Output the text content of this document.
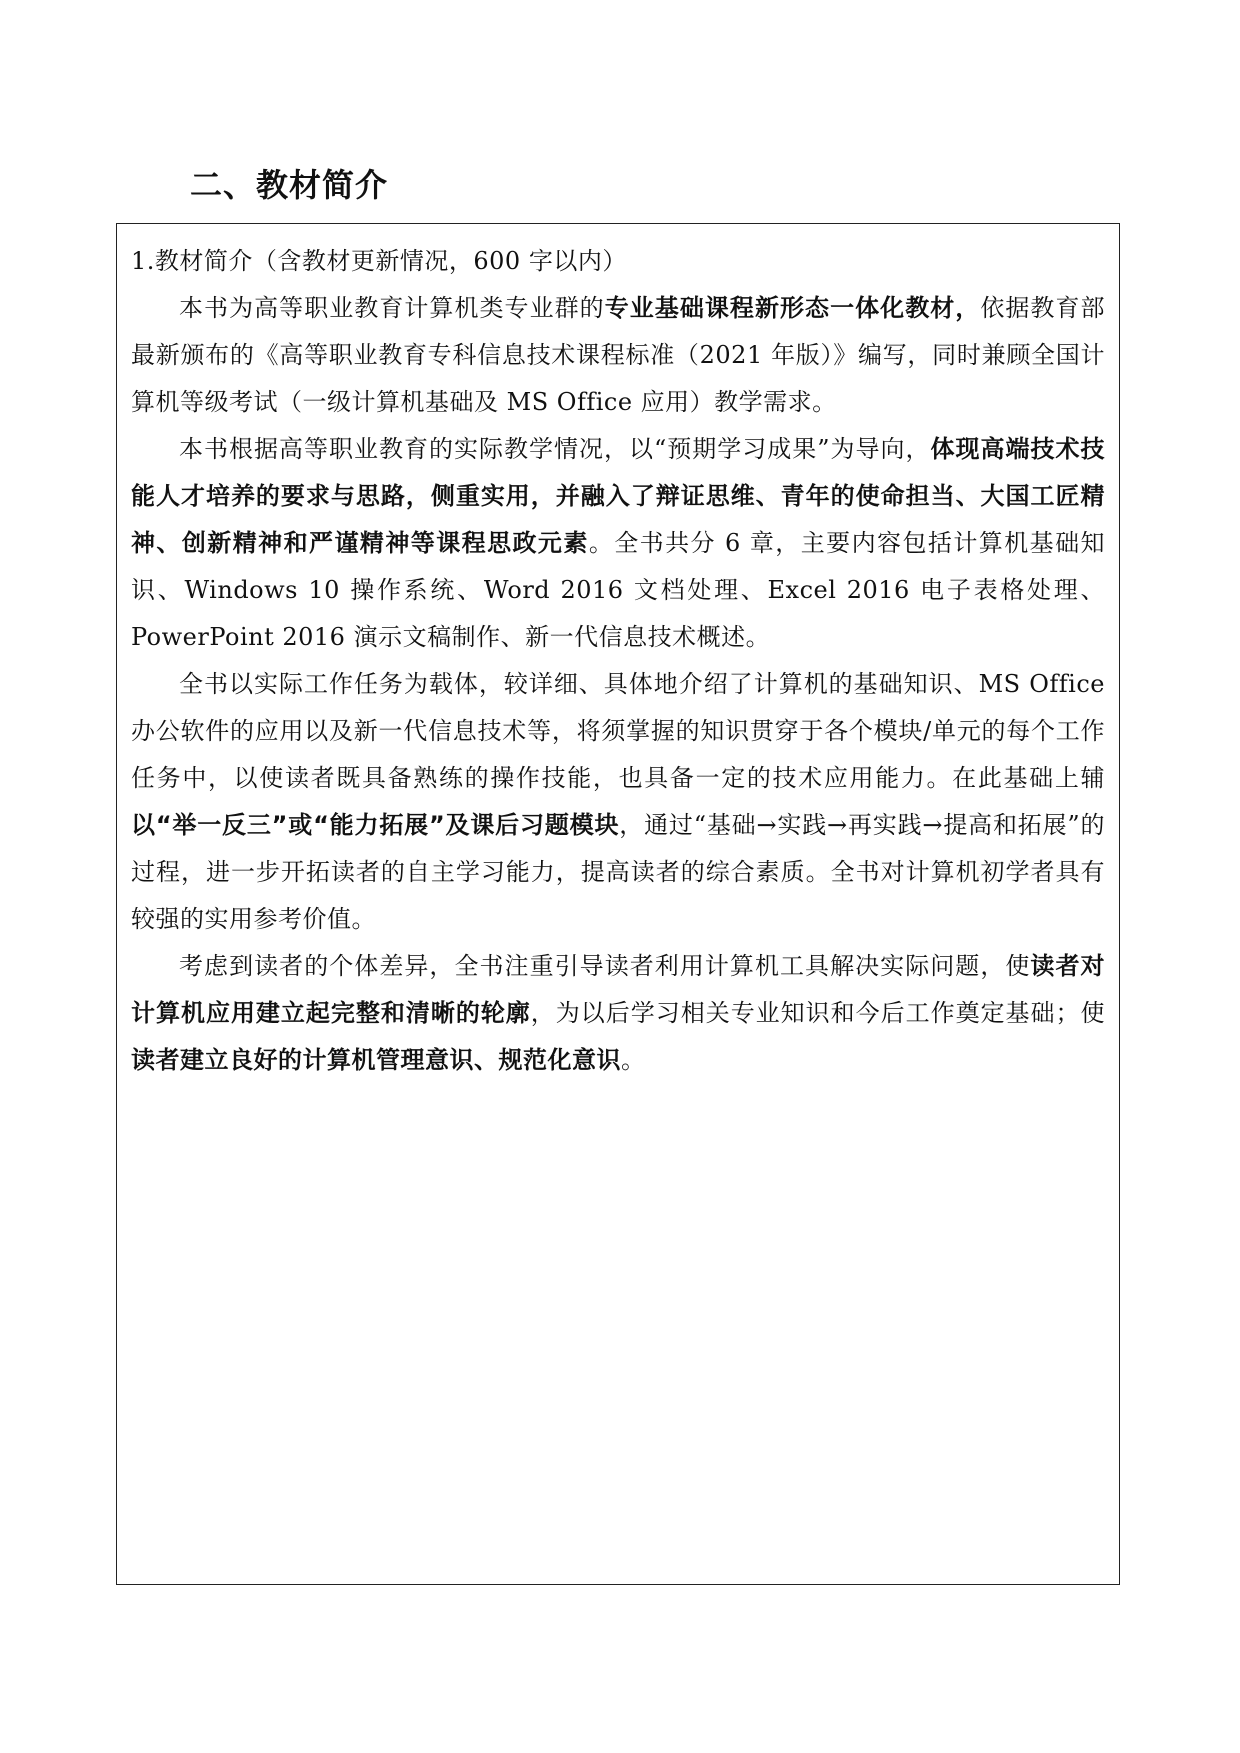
二、教材简介

1.教材简介（含教材更新情况，600 字以内）

本书为高等职业教育计算机类专业群的专业基础课程新形态一体化教材，依据教育部最新颁布的《高等职业教育专科信息技术课程标准（2021 年版）》编写，同时兼顾全国计算机等级考试（一级计算机基础及 MS Office 应用）教学需求。

本书根据高等职业教育的实际教学情况，以“预期学习成果”为导向，体现高端技术技能人才培养的要求与思路，侧重实用，并融入了辩证思维、青年的使命担当、大国工匠精神、创新精神和严谨精神等课程思政元素。全书共分 6 章，主要内容包括计算机基础知识、Windows 10 操作系统、Word 2016 文档处理、Excel 2016 电子表格处理、PowerPoint 2016 演示文稿制作、新一代信息技术概述。

全书以实际工作任务为载体，较详细、具体地介绍了计算机的基础知识、MS Office 办公软件的应用以及新一代信息技术等，将须掌握的知识贯穿于各个模块/单元的每个工作任务中，以使读者既具备熟练的操作技能，也具备一定的技术应用能力。在此基础上辅以“举一反三”或“能力拓展”及课后习题模块，通过“基础→实践→再实践→提高和拓展”的过程，进一步开拓读者的自主学习能力，提高读者的综合素质。全书对计算机初学者具有较强的实用参考价值。

考虑到读者的个体差异，全书注重引导读者利用计算机工具解决实际问题，使读者对计算机应用建立起完整和清晰的轮廓，为以后学习相关专业知识和今后工作奠定基础；使读者建立良好的计算机管理意识、规范化意识。
